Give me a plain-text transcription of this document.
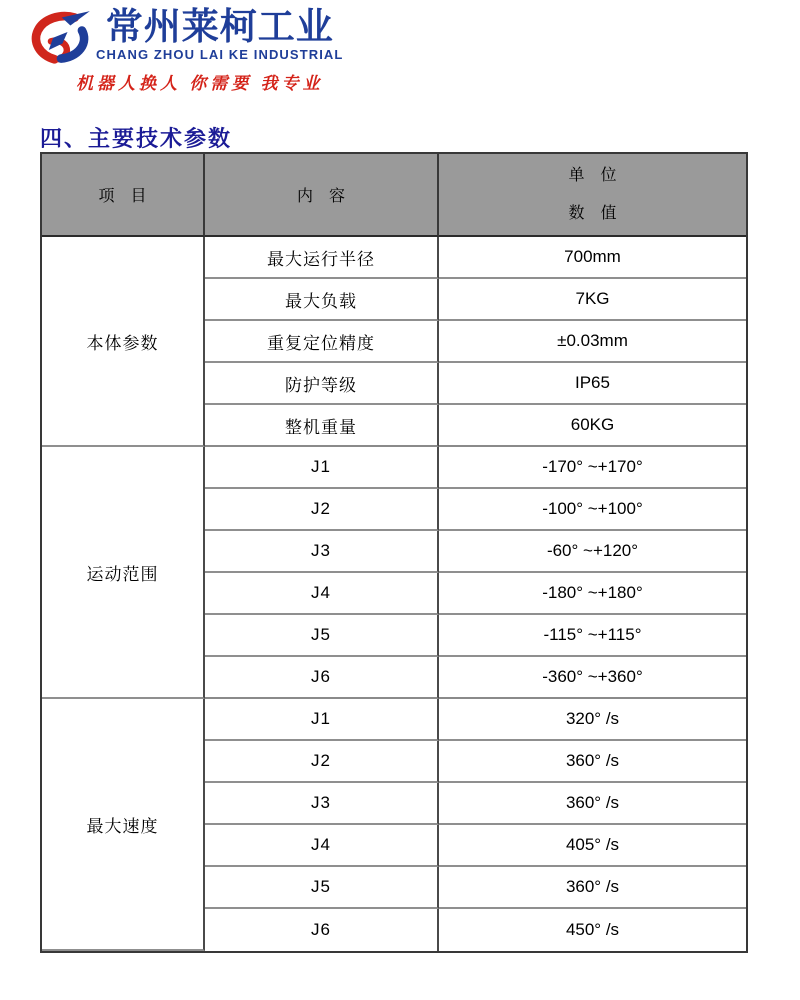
常州莱柯工业
CHANG ZHOU LAI KE INDUSTRIAL
机器人换人 你需要 我专业
四、主要技术参数
项　目	内　容	单　位
数　值

本体参数	最大运行半径	700mm
	最大负载	7KG
	重复定位精度	±0.03mm
	防护等级	IP65
	整机重量	60KG
运动范围	J1	-170° ~+170°
	J2	-100° ~+100°
	J3	-60° ~+120°
	J4	-180° ~+180°
	J5	-115° ~+115°
	J6	-360° ~+360°
最大速度	J1	320° /s
	J2	360° /s
	J3	360° /s
	J4	405° /s
	J5	360° /s
	J6	450° /s
